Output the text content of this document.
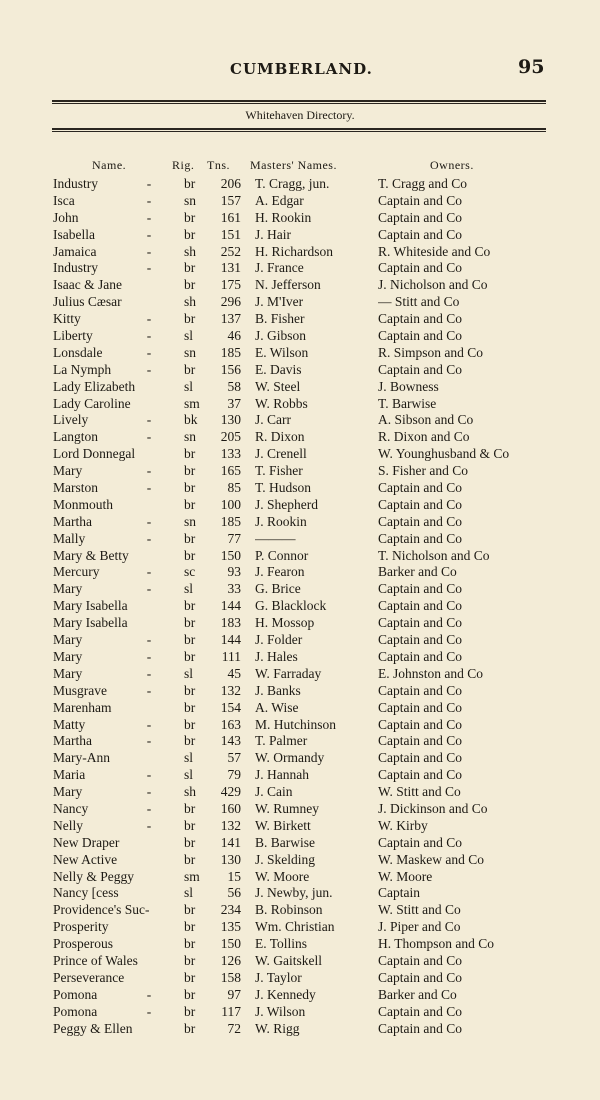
CUMBERLAND.	95
Whitehaven Directory.
Name.	Rig. Tns. Masters' Names.	Owners.
Industry	-	br	206 T. Cragg, jun.	T. Cragg and Co
Isca	-	sn	157 A. Edgar	Captain and Co
John	-	br	161 H. Rookin	Captain and Co
Isabella	-	br	151 J. Hair	Captain and Co
Jamaica	-	sh	252 H. Richardson	R. Whiteside and Co
Industry	-	br	131 J. France	Captain and Co
Isaac & Jane	br	175 N. Jefferson	J. Nicholson and Co
Julius Cæsar	sh	296 J. M'Iver	— Stitt and Co
Kitty	-	br	137 B. Fisher	Captain and Co
Liberty	-	sl	46 J. Gibson	Captain and Co
Lonsdale	-	sn	185 E. Wilson	R. Simpson and Co
La Nymph	-	br	156 E. Davis	Captain and Co
Lady Elizabeth	sl	58 W. Steel	J. Bowness
Lady Caroline	sm	37 W. Robbs	T. Barwise
Lively	-	bk	130 J. Carr	A. Sibson and Co
Langton	-	sn	205 R. Dixon	R. Dixon and Co
Lord Donnegal	br	133 J. Crenell	W. Younghusband & Co
Mary	-	br	165 T. Fisher	S. Fisher and Co
Marston	-	br	85 T. Hudson	Captain and Co
Monmouth	br	100 J. Shepherd	Captain and Co
Martha	-	sn	185 J. Rookin	Captain and Co
Mally	-	br	77 ———	Captain and Co
Mary & Betty	br	150 P. Connor	T. Nicholson and Co
Mercury	-	sc	93 J. Fearon	Barker and Co
Mary	-	sl	33 G. Brice	Captain and Co
Mary Isabella	br	144 G. Blacklock	Captain and Co
Mary Isabella	br	183 H. Mossop	Captain and Co
Mary	-	br	144 J. Folder	Captain and Co
Mary	-	br	111 J. Hales	Captain and Co
Mary	-	sl	45 W. Farraday	E. Johnston and Co
Musgrave	-	br	132 J. Banks	Captain and Co
Marenham	br	154 A. Wise	Captain and Co
Matty	-	br	163 M. Hutchinson	Captain and Co
Martha	-	br	143 T. Palmer	Captain and Co
Mary-Ann	sl	57 W. Ormandy	Captain and Co
Maria	-	sl	79 J. Hannah	Captain and Co
Mary	-	sh	429 J. Cain	W. Stitt and Co
Nancy	-	br	160 W. Rumney	J. Dickinson and Co
Nelly	-	br	132 W. Birkett	W. Kirby
New Draper	br	141 B. Barwise	Captain and Co
New Active	br	130 J. Skelding	W. Maskew and Co
Nelly & Peggy	sm	15 W. Moore	W. Moore
Nancy [cess	sl	56 J. Newby, jun.	Captain
Providence's Suc-	br	234 B. Robinson	W. Stitt and Co
Prosperity	br	135 Wm. Christian	J. Piper and Co
Prosperous	br	150 E. Tollins	H. Thompson and Co
Prince of Wales	br	126 W. Gaitskell	Captain and Co
Perseverance	br	158 J. Taylor	Captain and Co
Pomona	-	br	97 J. Kennedy	Barker and Co
Pomona	-	br	117 J. Wilson	Captain and Co
Peggy & Ellen	br	72 W. Rigg	Captain and Co
